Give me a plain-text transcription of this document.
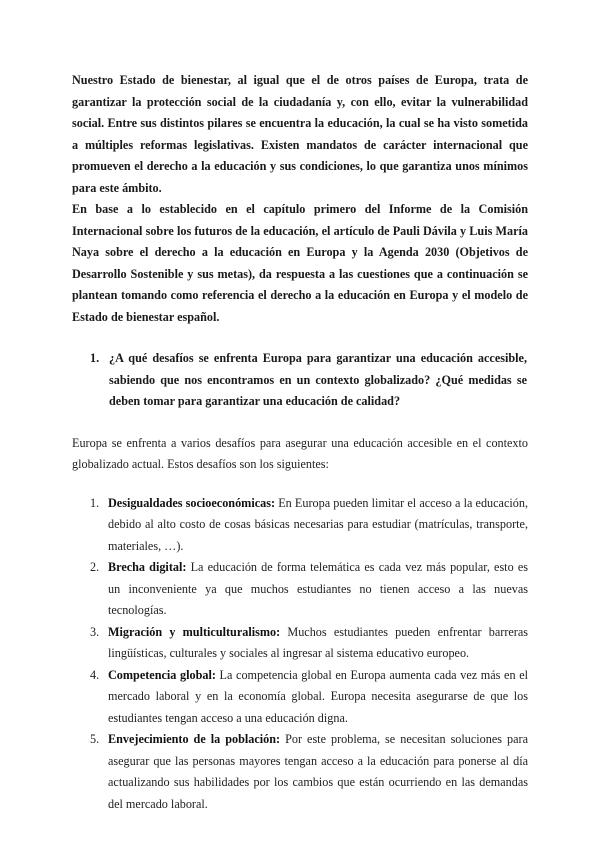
Nuestro Estado de bienestar, al igual que el de otros países de Europa, trata de garantizar la protección social de la ciudadanía y, con ello, evitar la vulnerabilidad social. Entre sus distintos pilares se encuentra la educación, la cual se ha visto sometida a múltiples reformas legislativas. Existen mandatos de carácter internacional que promueven el derecho a la educación y sus condiciones, lo que garantiza unos mínimos para este ámbito.

En base a lo establecido en el capítulo primero del Informe de la Comisión Internacional sobre los futuros de la educación, el artículo de Pauli Dávila y Luis María Naya sobre el derecho a la educación en Europa y la Agenda 2030 (Objetivos de Desarrollo Sostenible y sus metas), da respuesta a las cuestiones que a continuación se plantean tomando como referencia el derecho a la educación en Europa y el modelo de Estado de bienestar español.

1. ¿A qué desafíos se enfrenta Europa para garantizar una educación accesible, sabiendo que nos encontramos en un contexto globalizado? ¿Qué medidas se deben tomar para garantizar una educación de calidad?

Europa se enfrenta a varios desafíos para asegurar una educación accesible en el contexto globalizado actual. Estos desafíos son los siguientes:

1. Desigualdades socioeconómicas: En Europa pueden limitar el acceso a la educación, debido al alto costo de cosas básicas necesarias para estudiar (matrículas, transporte, materiales, …).
2. Brecha digital: La educación de forma telemática es cada vez más popular, esto es un inconveniente ya que muchos estudiantes no tienen acceso a las nuevas tecnologías.
3. Migración y multiculturalismo: Muchos estudiantes pueden enfrentar barreras lingüísticas, culturales y sociales al ingresar al sistema educativo europeo.
4. Competencia global: La competencia global en Europa aumenta cada vez más en el mercado laboral y en la economía global. Europa necesita asegurarse de que los estudiantes tengan acceso a una educación digna.
5. Envejecimiento de la población: Por este problema, se necesitan soluciones para asegurar que las personas mayores tengan acceso a la educación para ponerse al día actualizando sus habilidades por los cambios que están ocurriendo en las demandas del mercado laboral.
